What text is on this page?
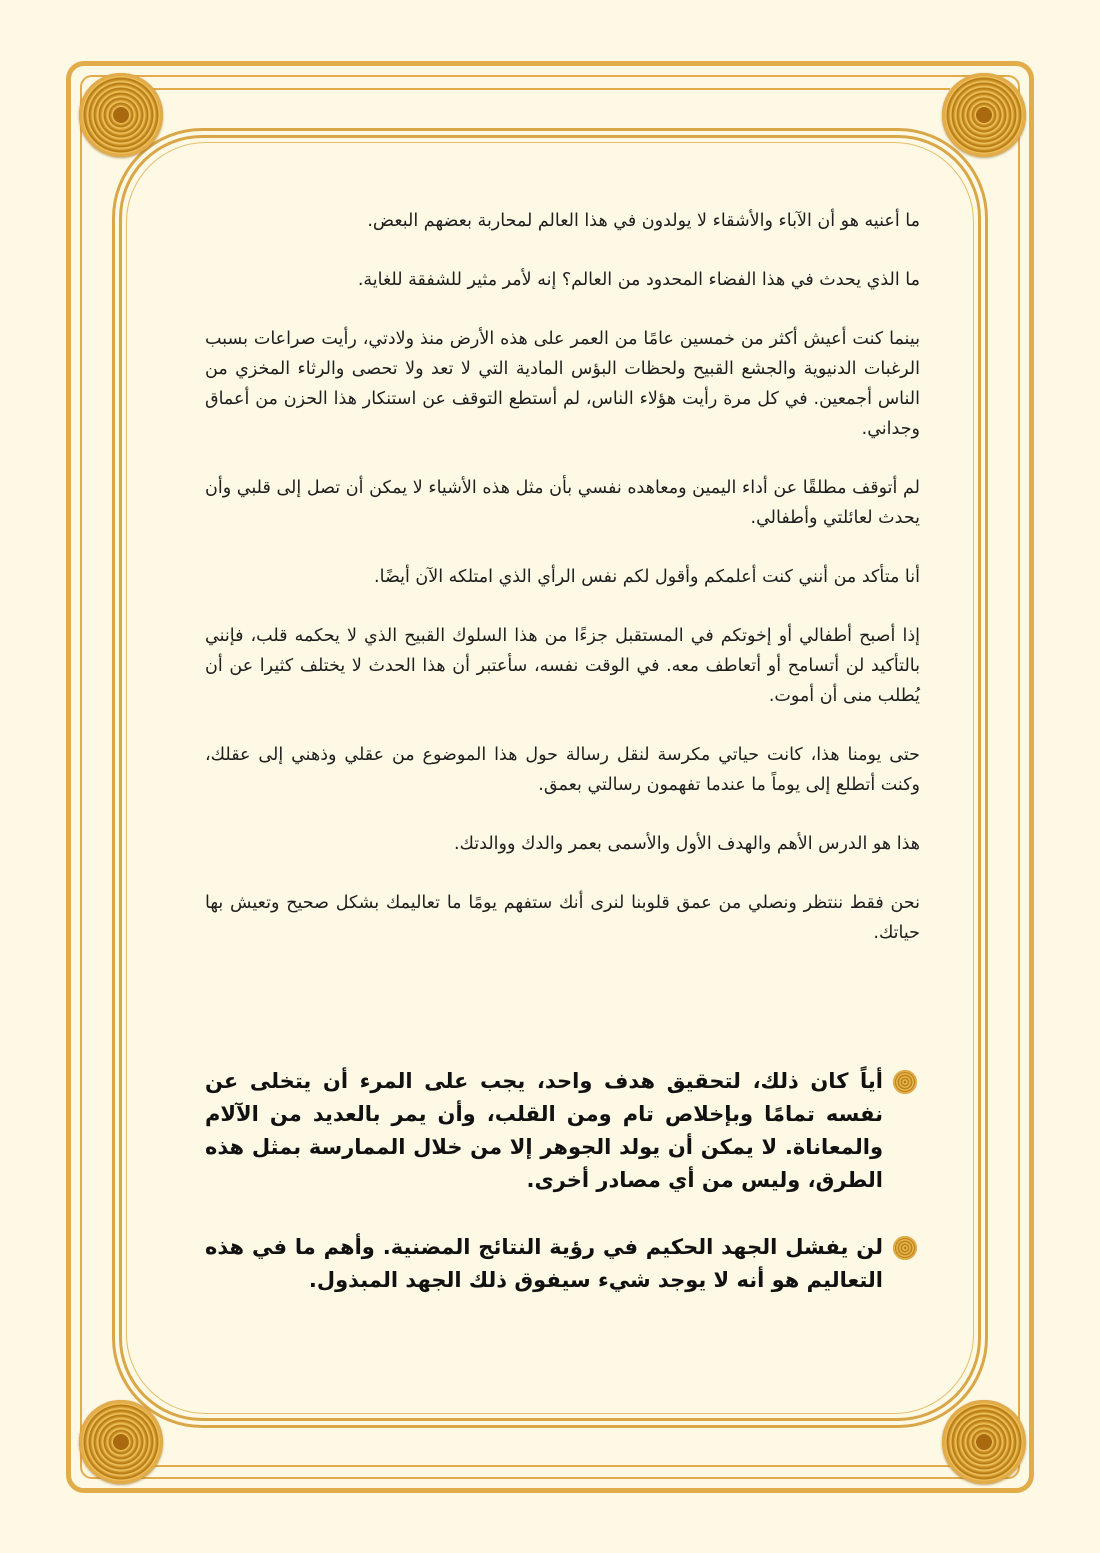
ما أعنيه هو أن الآباء والأشقاء لا يولدون في هذا العالم لمحاربة بعضهم البعض.

ما الذي يحدث في هذا الفضاء المحدود من العالم؟ إنه لأمر مثير للشفقة للغاية.

بينما كنت أعيش أكثر من خمسين عامًا من العمر على هذه الأرض منذ ولادتي، رأيت صراعات بسبب الرغبات الدنيوية والجشع القبيح ولحظات البؤس المادية التي لا تعد ولا تحصى والرثاء المخزي من الناس أجمعين. في كل مرة رأيت هؤلاء الناس، لم أستطع التوقف عن استنكار هذا الحزن من أعماق وجداني.

لم أتوقف مطلقًا عن أداء اليمين ومعاهده نفسي بأن مثل هذه الأشياء لا يمكن أن تصل إلى قلبي وأن يحدث لعائلتي وأطفالي.

أنا متأكد من أنني كنت أعلمكم وأقول لكم نفس الرأي الذي امتلكه الآن أيضًا.

إذا أصبح أطفالي أو إخوتكم في المستقبل جزءًا من هذا السلوك القبيح الذي لا يحكمه قلب، فإنني بالتأكيد لن أتسامح أو أتعاطف معه. في الوقت نفسه، سأعتبر أن هذا الحدث لا يختلف كثيرا عن أن يُطلب منى أن أموت.

حتى يومنا هذا، كانت حياتي مكرسة لنقل رسالة حول هذا الموضوع من عقلي وذهني إلى عقلك، وكنت أتطلع إلى يوماً ما عندما تفهمون رسالتي بعمق.

هذا هو الدرس الأهم والهدف الأول والأسمى بعمر والدك ووالدتك.

نحن فقط ننتظر ونصلي من عمق قلوبنا لنرى أنك ستفهم يومًا ما تعاليمك بشكل صحيح وتعيش بها حياتك.

أياً كان ذلك، لتحقيق هدف واحد، يجب على المرء أن يتخلى عن نفسه تمامًا وبإخلاص تام ومن القلب، وأن يمر بالعديد من الآلام والمعاناة. لا يمكن أن يولد الجوهر إلا من خلال الممارسة بمثل هذه الطرق، وليس من أي مصادر أخرى.
لن يفشل الجهد الحكيم في رؤية النتائج المضنية. وأهم ما في هذه التعاليم هو أنه لا يوجد شيء سيفوق ذلك الجهد المبذول.
